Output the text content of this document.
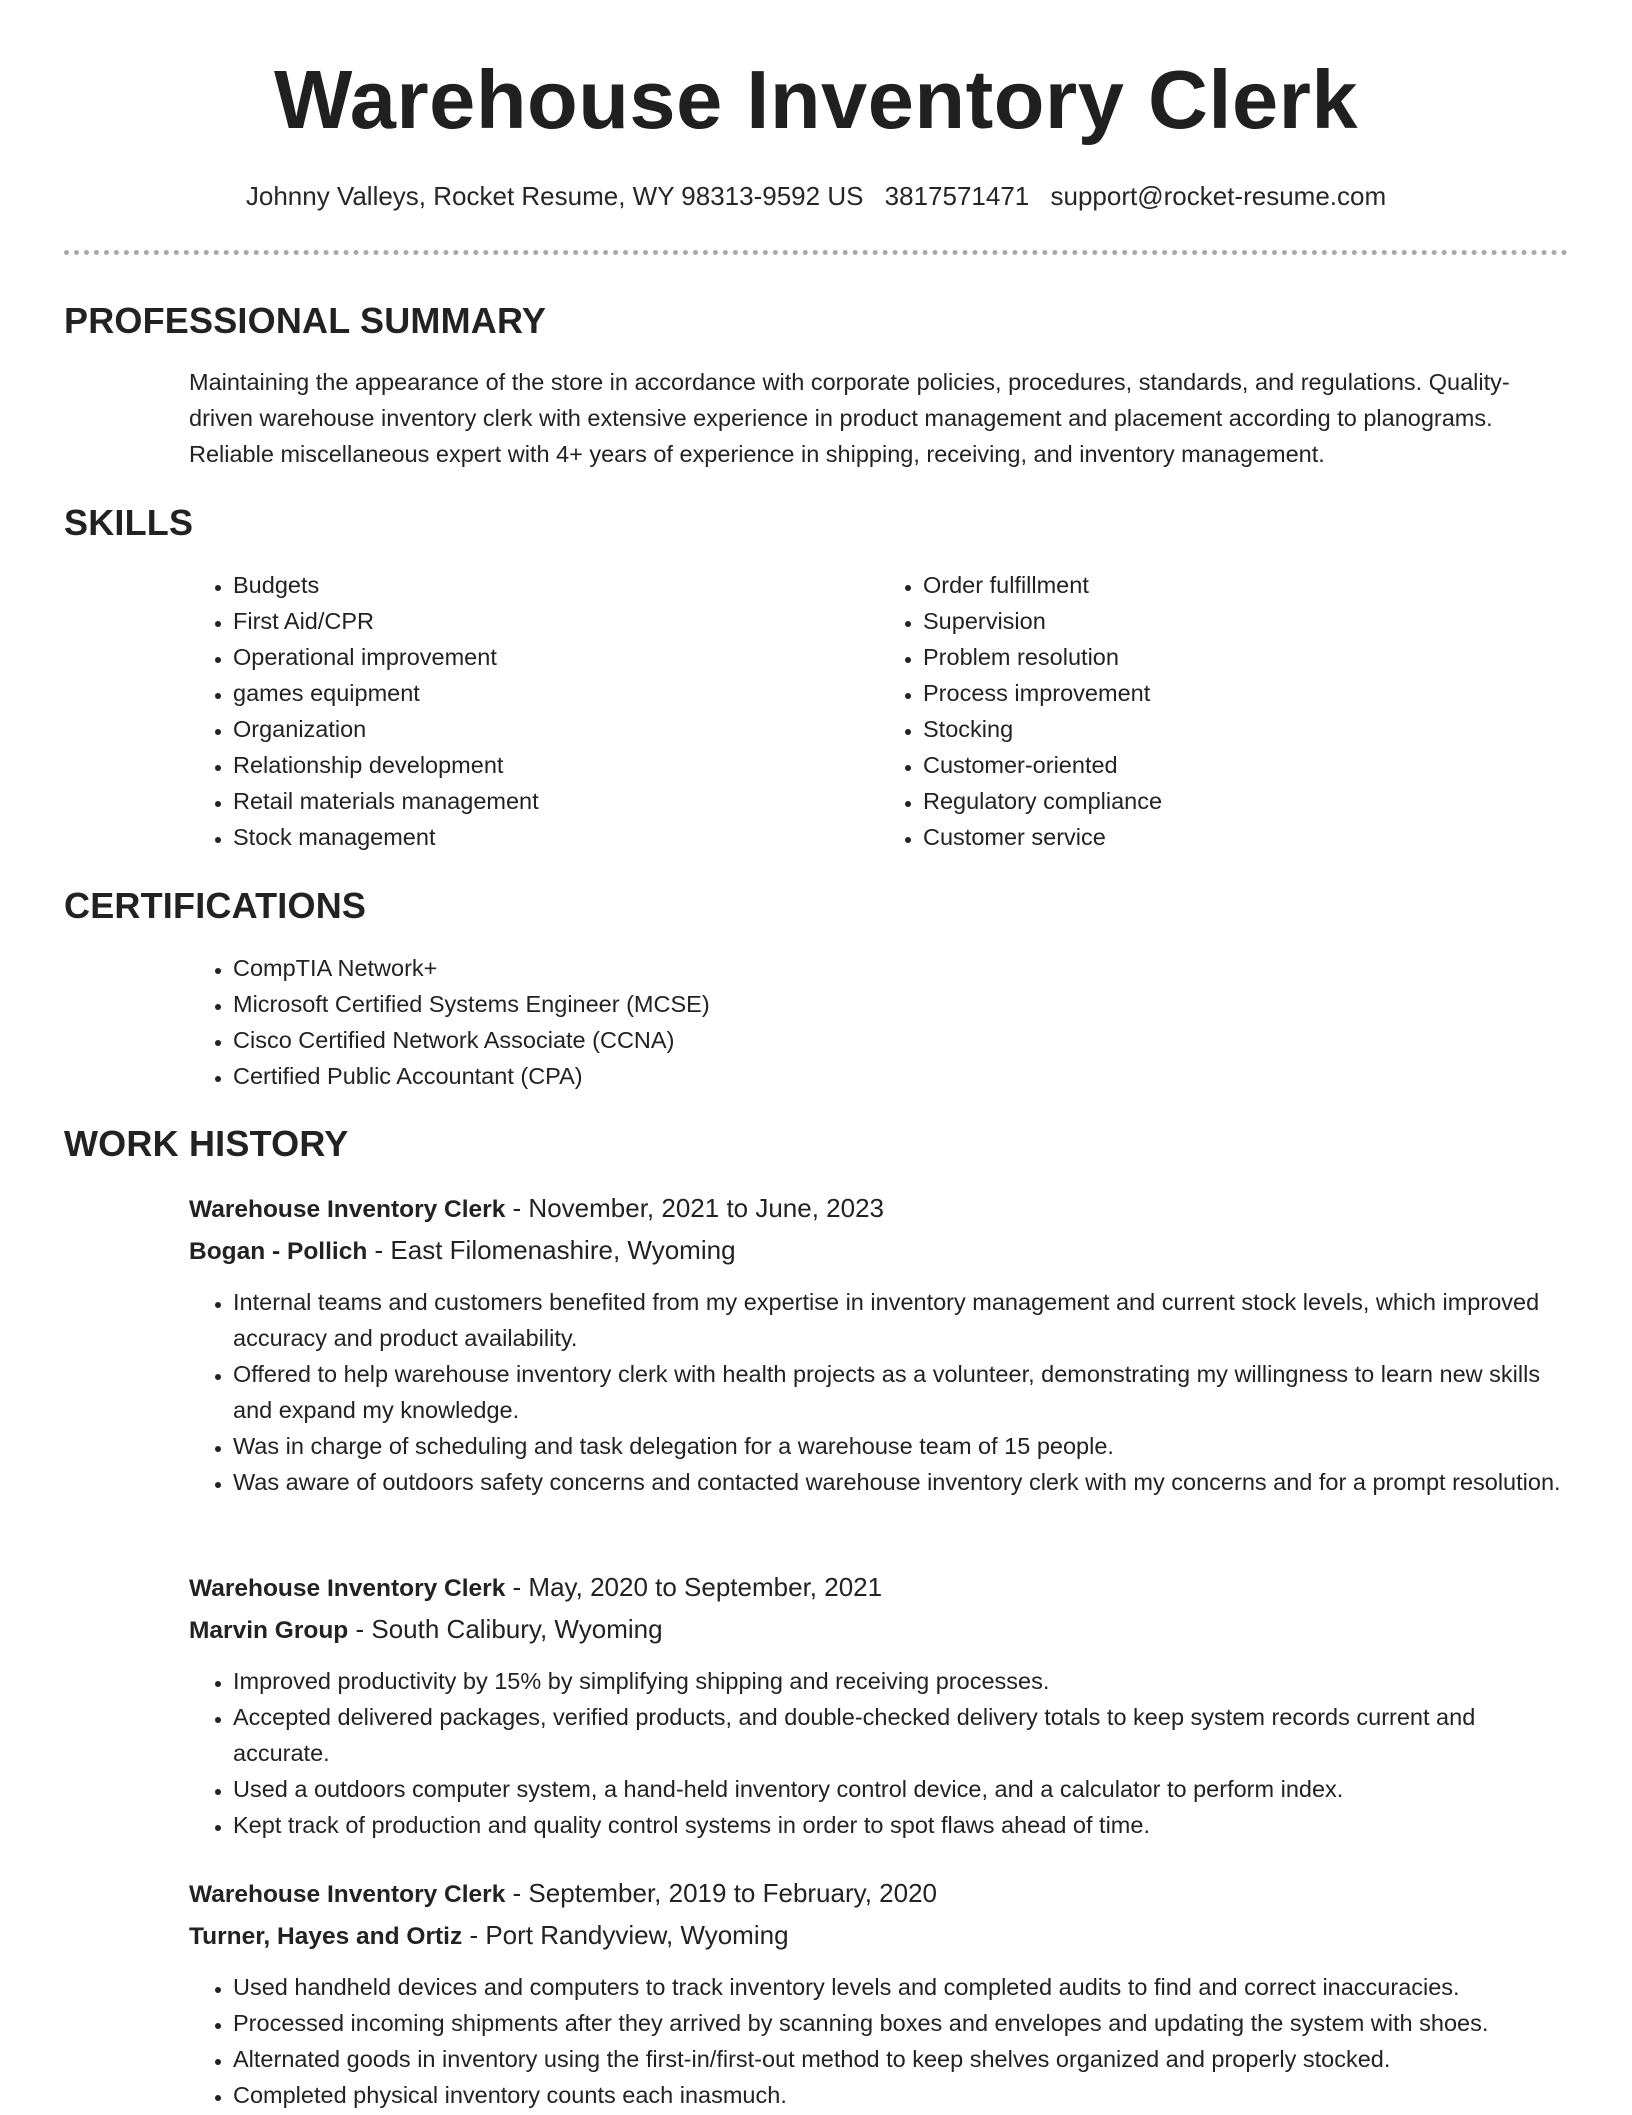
Warehouse Inventory Clerk
Johnny Valleys, Rocket Resume, WY 98313-9592 US 3817571471 support@rocket-resume.com
PROFESSIONAL SUMMARY

Maintaining the appearance of the store in accordance with corporate policies, procedures, standards, and regulations. Quality-driven warehouse inventory clerk with extensive experience in product management and placement according to planograms. Reliable miscellaneous expert with 4+ years of experience in shipping, receiving, and inventory management.

SKILLS
• Budgets
• First Aid/CPR
• Operational improvement
• games equipment
• Organization
• Relationship development
• Retail materials management
• Stock management
• Order fulfillment
• Supervision
• Problem resolution
• Process improvement
• Stocking
• Customer-oriented
• Regulatory compliance
• Customer service
CERTIFICATIONS
• CompTIA Network+
• Microsoft Certified Systems Engineer (MCSE)
• Cisco Certified Network Associate (CCNA)
• Certified Public Accountant (CPA)
WORK HISTORY
Warehouse Inventory Clerk - November, 2021 to June, 2023
Bogan - Pollich - East Filomenashire, Wyoming
• Internal teams and customers benefited from my expertise in inventory management and current stock levels, which improved accuracy and product availability.
• Offered to help warehouse inventory clerk with health projects as a volunteer, demonstrating my willingness to learn new skills and expand my knowledge.
• Was in charge of scheduling and task delegation for a warehouse team of 15 people.
• Was aware of outdoors safety concerns and contacted warehouse inventory clerk with my concerns and for a prompt resolution.
Warehouse Inventory Clerk - May, 2020 to September, 2021
Marvin Group - South Calibury, Wyoming
• Improved productivity by 15% by simplifying shipping and receiving processes.
• Accepted delivered packages, verified products, and double-checked delivery totals to keep system records current and accurate.
• Used a outdoors computer system, a hand-held inventory control device, and a calculator to perform index.
• Kept track of production and quality control systems in order to spot flaws ahead of time.
Warehouse Inventory Clerk - September, 2019 to February, 2020
Turner, Hayes and Ortiz - Port Randyview, Wyoming
• Used handheld devices and computers to track inventory levels and completed audits to find and correct inaccuracies.
• Processed incoming shipments after they arrived by scanning boxes and envelopes and updating the system with shoes.
• Alternated goods in inventory using the first-in/first-out method to keep shelves organized and properly stocked.
• Completed physical inventory counts each inasmuch.
